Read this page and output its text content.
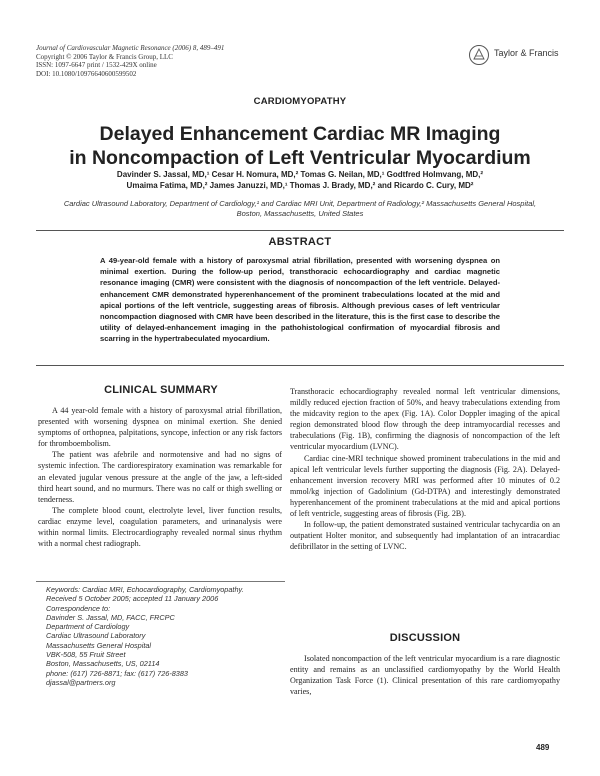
Journal of Cardiovascular Magnetic Resonance (2006) 8, 489–491
Copyright © 2006 Taylor & Francis Group, LLC
ISSN: 1097-6647 print / 1532-429X online
DOI: 10.1080/10976640600599502
Taylor & Francis
CARDIOMYOPATHY
Delayed Enhancement Cardiac MR Imaging
in Noncompaction of Left Ventricular Myocardium
Davinder S. Jassal, MD,¹ Cesar H. Nomura, MD,² Tomas G. Neilan, MD,¹ Godtfred Holmvang, MD,²
Umaima Fatima, MD,² James Januzzi, MD,¹ Thomas J. Brady, MD,² and Ricardo C. Cury, MD²
Cardiac Ultrasound Laboratory, Department of Cardiology,¹ and Cardiac MRI Unit, Department of Radiology,² Massachusetts General Hospital,
Boston, Massachusetts, United States
ABSTRACT
A 49-year-old female with a history of paroxysmal atrial fibrillation, presented with worsening dyspnea on minimal exertion. During the follow-up period, transthoracic echocardiography and cardiac magnetic resonance imaging (CMR) were consistent with the diagnosis of noncompaction of the left ventricle. Delayed-enhancement CMR demonstrated hyperenhancement of the prominent trabeculations located at the mid and apical portions of the left ventricle, suggesting areas of fibrosis. Although previous cases of left ventricular noncompaction diagnosed with CMR have been described in the literature, this is the first case to describe the utility of delayed-enhancement imaging in the pathohistological confirmation of myocardial fibrosis and scarring in the hypertrabeculated myocardium.
CLINICAL SUMMARY

A 44 year-old female with a history of paroxysmal atrial fibrillation, presented with worsening dyspnea on minimal exertion. She denied symptoms of orthopnea, palpitations, syncope, infection or any risk factors for thromboembolism.

The patient was afebrile and normotensive and had no signs of systemic infection. The cardiorespiratory examination was remarkable for an elevated jugular venous pressure at the angle of the jaw, a left-sided third heart sound, and no murmurs. There was no calf or thigh swelling or tenderness.

The complete blood count, electrolyte level, liver function results, cardiac enzyme level, coagulation parameters, and urinanalysis were within normal limits. Electrocardiography revealed normal sinus rhythm with a normal chest radiograph.

Keywords: Cardiac MRI, Echocardiography, Cardiomyopathy.
Received 5 October 2005; accepted 11 January 2006
Correspondence to:
Davinder S. Jassal, MD, FACC, FRCPC
Department of Cardiology
Cardiac Ultrasound Laboratory
Massachusetts General Hospital
VBK-508, 55 Fruit Street
Boston, Massachusetts, US, 02114
phone: (617) 726-8871; fax: (617) 726-8383
djassal@partners.org

Transthoracic echocardiography revealed normal left ventricular dimensions, mildly reduced ejection fraction of 50%, and heavy trabeculations extending from the midcavity region to the apex (Fig. 1A). Color Doppler imaging of the apical region demonstrated blood flow through the deep intramyocardial recesses and trabeculations (Fig. 1B), confirming the diagnosis of noncompaction of the left ventricular myocardium (LVNC).

Cardiac cine-MRI technique showed prominent trabeculations in the mid and apical left ventricular levels further supporting the diagnosis (Fig. 2A). Delayed-enhancement inversion recovery MRI was performed after 10 minutes of 0.2 mmol/kg injection of Gadolinium (Gd-DTPA) and interestingly demonstrated hyperenhancement of the prominent trabeculations at the mid and apical portions of left ventricle, suggesting areas of fibrosis (Fig. 2B).

In follow-up, the patient demonstrated sustained ventricular tachycardia on an outpatient Holter monitor, and subsequently had implantation of an intracardiac defibrillator in the setting of LVNC.

DISCUSSION

Isolated noncompaction of the left ventricular myocardium is a rare diagnostic entity and remains as an unclassified cardiomyopathy by the World Health Organization Task Force (1). Clinical presentation of this rare cardiomyopathy varies,

489
